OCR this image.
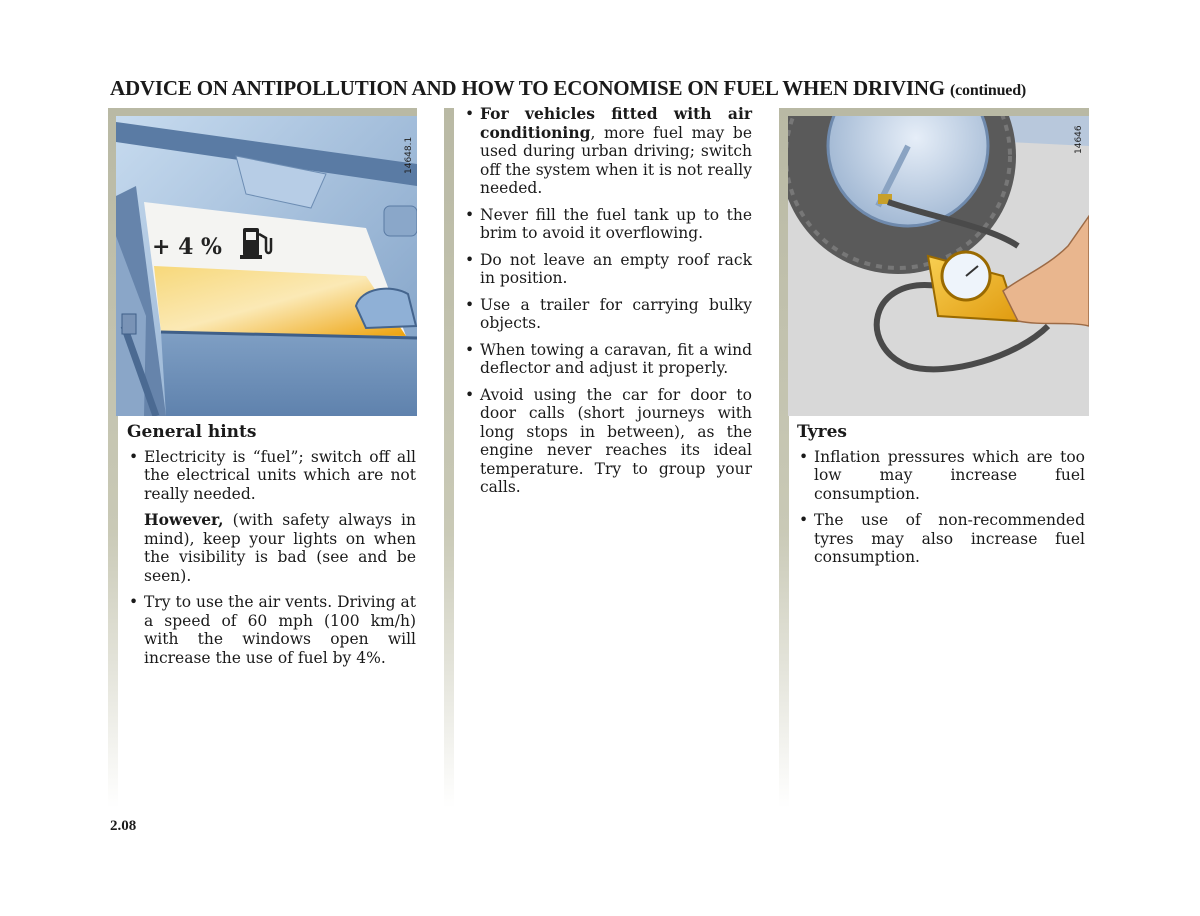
ADVICE ON ANTIPOLLUTION AND HOW TO ECONOMISE ON FUEL WHEN DRIVING (continued)
+ 4 %
14648.1	14646
General hints
• Electricity is “fuel”; switch off all the electrical units which are not really needed.

However, (with safety always in mind), keep your lights on when the visibility is bad (see and be seen).

• Try to use the air vents. Driving at a speed of 60 mph (100 km/h) with the windows open will increase the use of fuel by 4%.
• For vehicles fitted with air conditioning, more fuel may be used during urban driving; switch off the system when it is not really needed.
• Never fill the fuel tank up to the brim to avoid it overflowing.
• Do not leave an empty roof rack in position.
• Use a trailer for carrying bulky objects.
• When towing a caravan, fit a wind deflector and adjust it properly.
• Avoid using the car for door to door calls (short journeys with long stops in between), as the engine never reaches its ideal temperature. Try to group your calls.
Tyres
• Inflation pressures which are too low may increase fuel consumption.
• The use of non-recommended tyres may also increase fuel consumption.
2.08
